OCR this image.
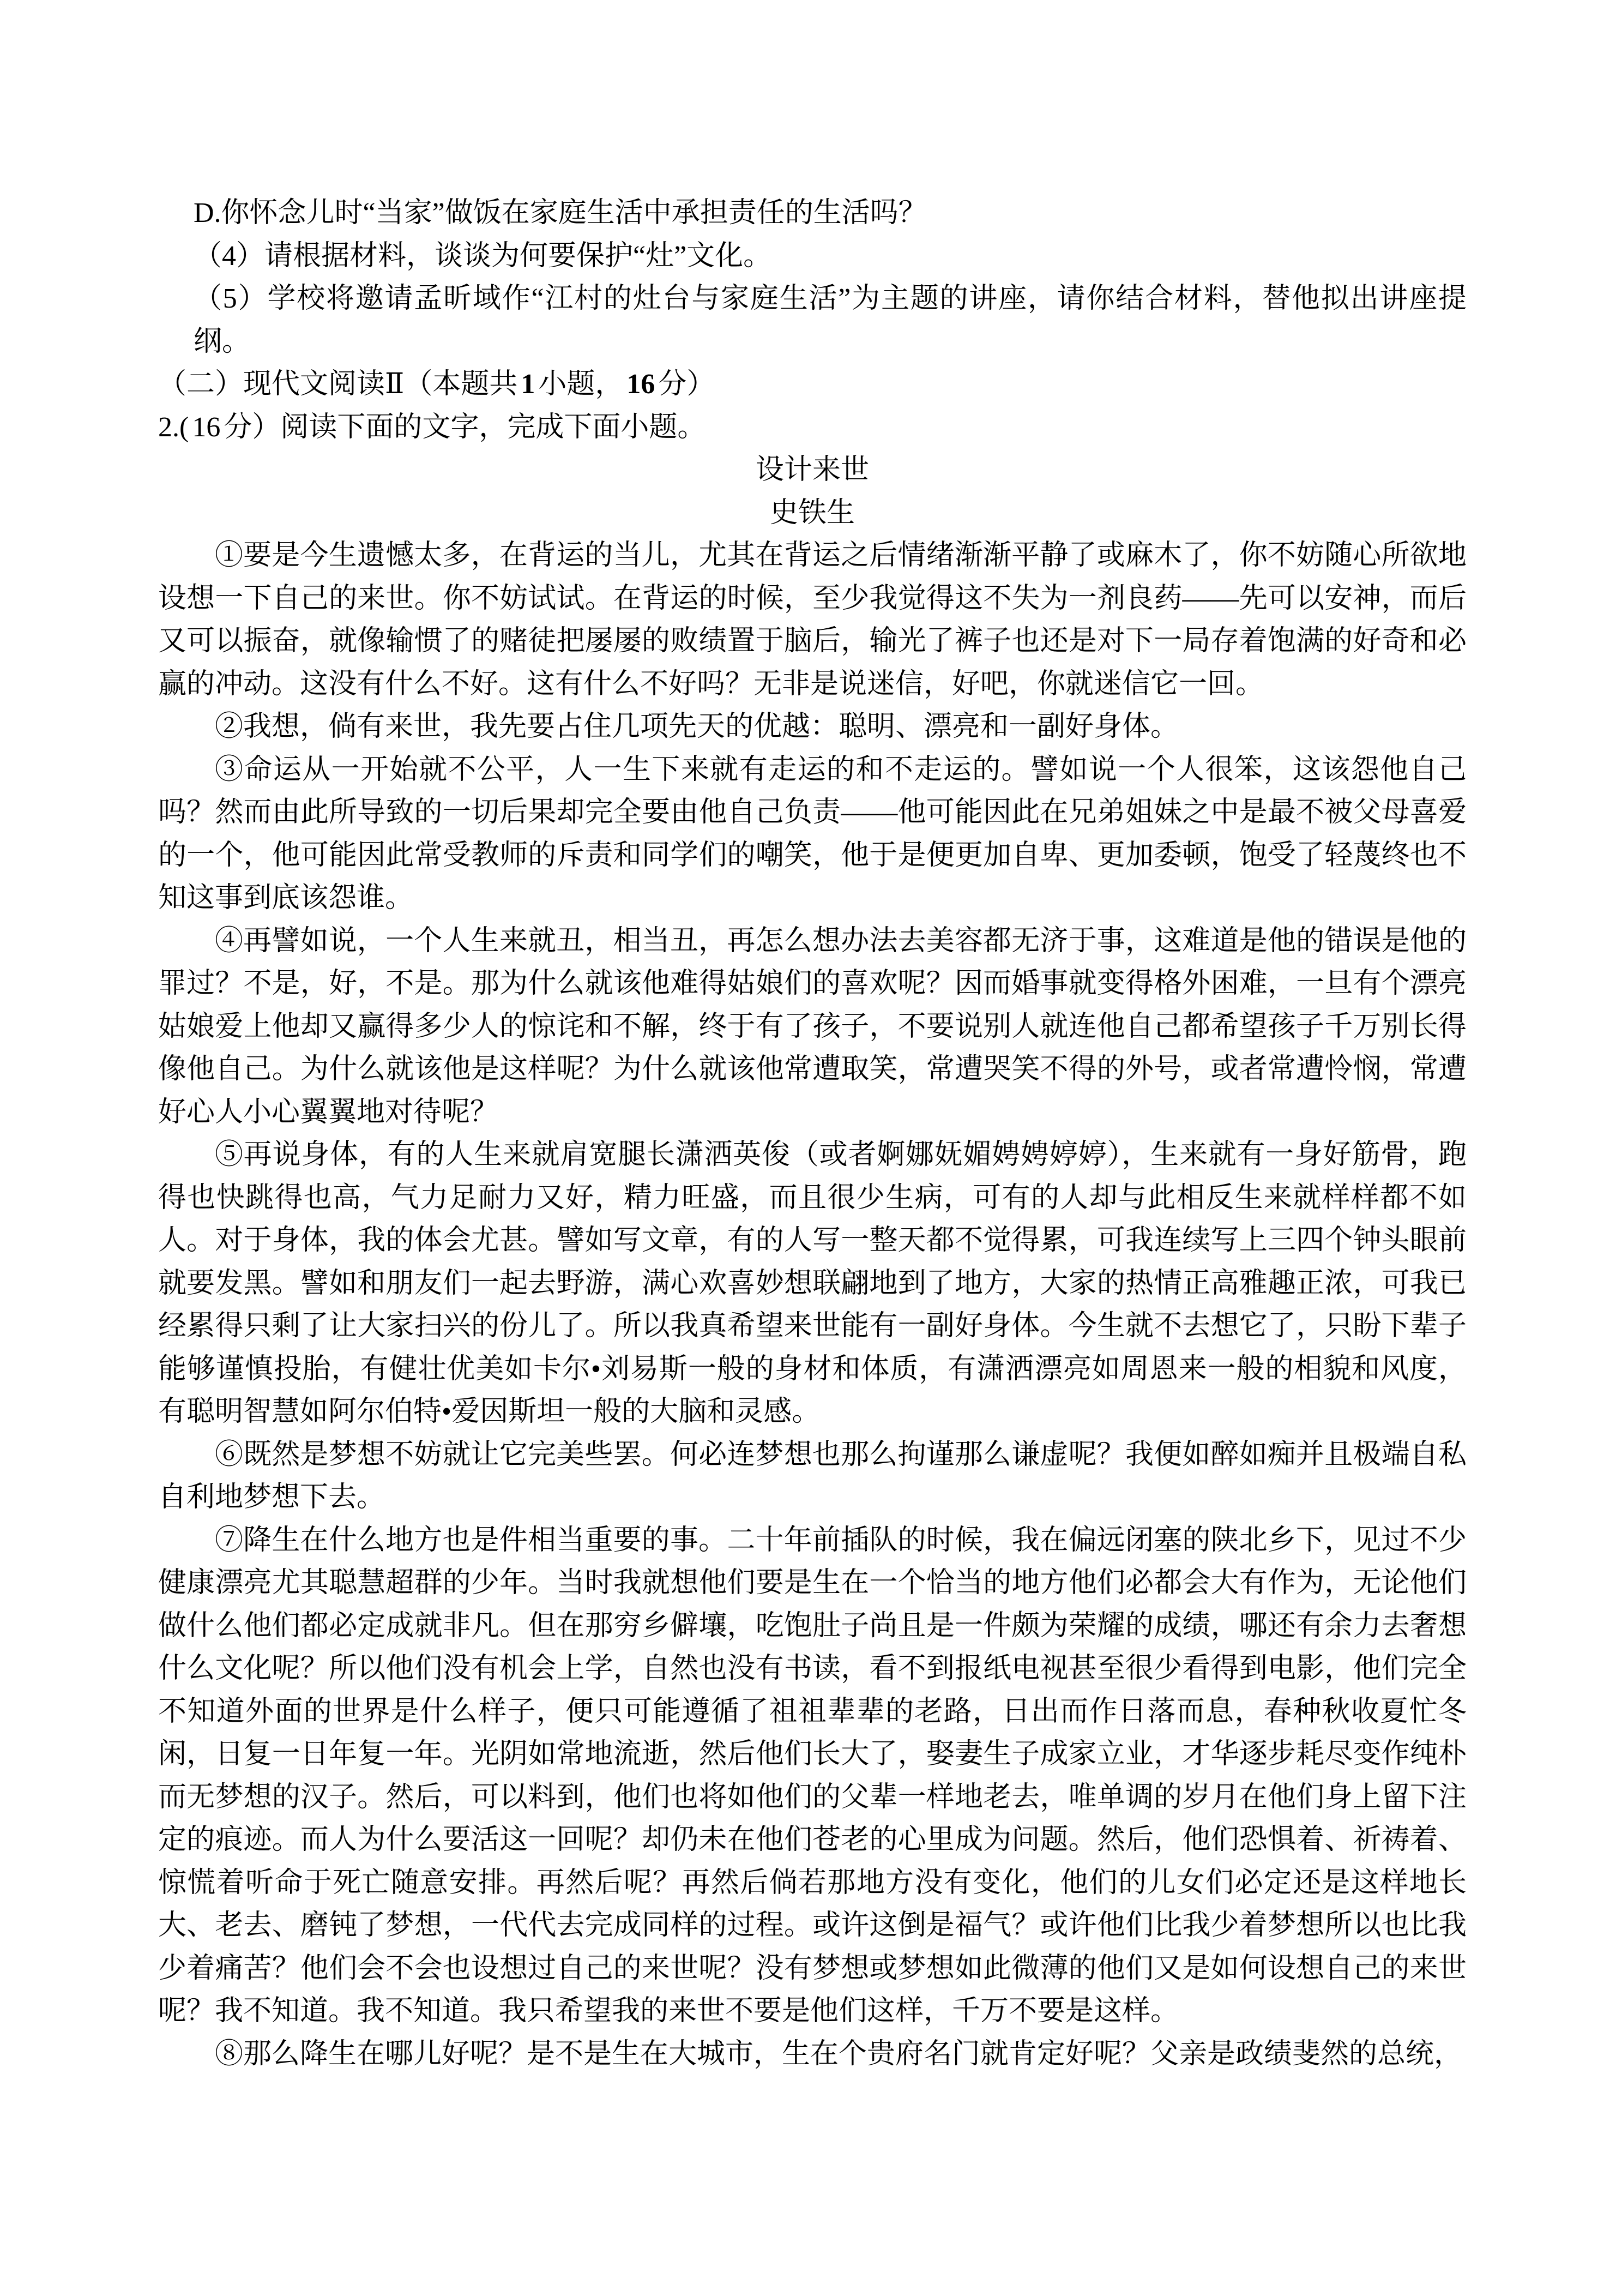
D.你怀念儿时“当家”做饭在家庭生活中承担责任的生活吗？
（4）请根据材料，谈谈为何要保护“灶”文化。
（5）学校将邀请孟昕域作“江村的灶台与家庭生活”为主题的讲座，请你结合材料，替他拟出讲座提纲。
（二）现代文阅读Ⅱ（本题共 1 小题， 16 分）
2.( 16 分）阅读下面的文字，完成下面小题。
设计来世
史铁生

①要是今生遗憾太多，在背运的当儿，尤其在背运之后情绪渐渐平静了或麻木了，你不妨随心所欲地设想一下自己的来世。你不妨试试。在背运的时候，至少我觉得这不失为一剂良药——先可以安神，而后又可以振奋，就像输惯了的赌徒把屡屡的败绩置于脑后，输光了裤子也还是对下一局存着饱满的好奇和必赢的冲动。这没有什么不好。这有什么不好吗？无非是说迷信，好吧，你就迷信它一回。

②我想，倘有来世，我先要占住几项先天的优越：聪明、漂亮和一副好身体。

③命运从一开始就不公平，人一生下来就有走运的和不走运的。譬如说一个人很笨，这该怨他自己吗？然而由此所导致的一切后果却完全要由他自己负责——他可能因此在兄弟姐妹之中是最不被父母喜爱的一个，他可能因此常受教师的斥责和同学们的嘲笑，他于是便更加自卑、更加委顿，饱受了轻蔑终也不知这事到底该怨谁。

④再譬如说，一个人生来就丑，相当丑，再怎么想办法去美容都无济于事，这难道是他的错误是他的罪过？不是，好，不是。那为什么就该他难得姑娘们的喜欢呢？因而婚事就变得格外困难，一旦有个漂亮姑娘爱上他却又赢得多少人的惊诧和不解，终于有了孩子，不要说别人就连他自己都希望孩子千万别长得像他自己。为什么就该他是这样呢？为什么就该他常遭取笑，常遭哭笑不得的外号，或者常遭怜悯，常遭好心人小心翼翼地对待呢？

⑤再说身体，有的人生来就肩宽腿长潇洒英俊（或者婀娜妩媚娉娉婷婷），生来就有一身好筋骨，跑得也快跳得也高，气力足耐力又好，精力旺盛，而且很少生病，可有的人却与此相反生来就样样都不如人。对于身体，我的体会尤甚。譬如写文章，有的人写一整天都不觉得累，可我连续写上三四个钟头眼前就要发黑。譬如和朋友们一起去野游，满心欢喜妙想联翩地到了地方，大家的热情正高雅趣正浓，可我已经累得只剩了让大家扫兴的份儿了。所以我真希望来世能有一副好身体。今生就不去想它了，只盼下辈子能够谨慎投胎，有健壮优美如卡尔•刘易斯一般的身材和体质，有潇洒漂亮如周恩来一般的相貌和风度，有聪明智慧如阿尔伯特•爱因斯坦一般的大脑和灵感。

⑥既然是梦想不妨就让它完美些罢。何必连梦想也那么拘谨那么谦虚呢？我便如醉如痴并且极端自私自利地梦想下去。

⑦降生在什么地方也是件相当重要的事。二十年前插队的时候，我在偏远闭塞的陕北乡下，见过不少健康漂亮尤其聪慧超群的少年。当时我就想他们要是生在一个恰当的地方他们必都会大有作为，无论他们做什么他们都必定成就非凡。但在那穷乡僻壤，吃饱肚子尚且是一件颇为荣耀的成绩，哪还有余力去奢想什么文化呢？所以他们没有机会上学，自然也没有书读，看不到报纸电视甚至很少看得到电影，他们完全不知道外面的世界是什么样子，便只可能遵循了祖祖辈辈的老路，日出而作日落而息，春种秋收夏忙冬闲，日复一日年复一年。光阴如常地流逝，然后他们长大了，娶妻生子成家立业，才华逐步耗尽变作纯朴而无梦想的汉子。然后，可以料到，他们也将如他们的父辈一样地老去，唯单调的岁月在他们身上留下注定的痕迹。而人为什么要活这一回呢？却仍未在他们苍老的心里成为问题。然后，他们恐惧着、祈祷着、惊慌着听命于死亡随意安排。再然后呢？再然后倘若那地方没有变化，他们的儿女们必定还是这样地长大、老去、磨钝了梦想，一代代去完成同样的过程。或许这倒是福气？或许他们比我少着梦想所以也比我少着痛苦？他们会不会也设想过自己的来世呢？没有梦想或梦想如此微薄的他们又是如何设想自己的来世呢？我不知道。我不知道。我只希望我的来世不要是他们这样，千万不要是这样。

⑧那么降生在哪儿好呢？是不是生在大城市，生在个贵府名门就肯定好呢？父亲是政绩斐然的总统，
